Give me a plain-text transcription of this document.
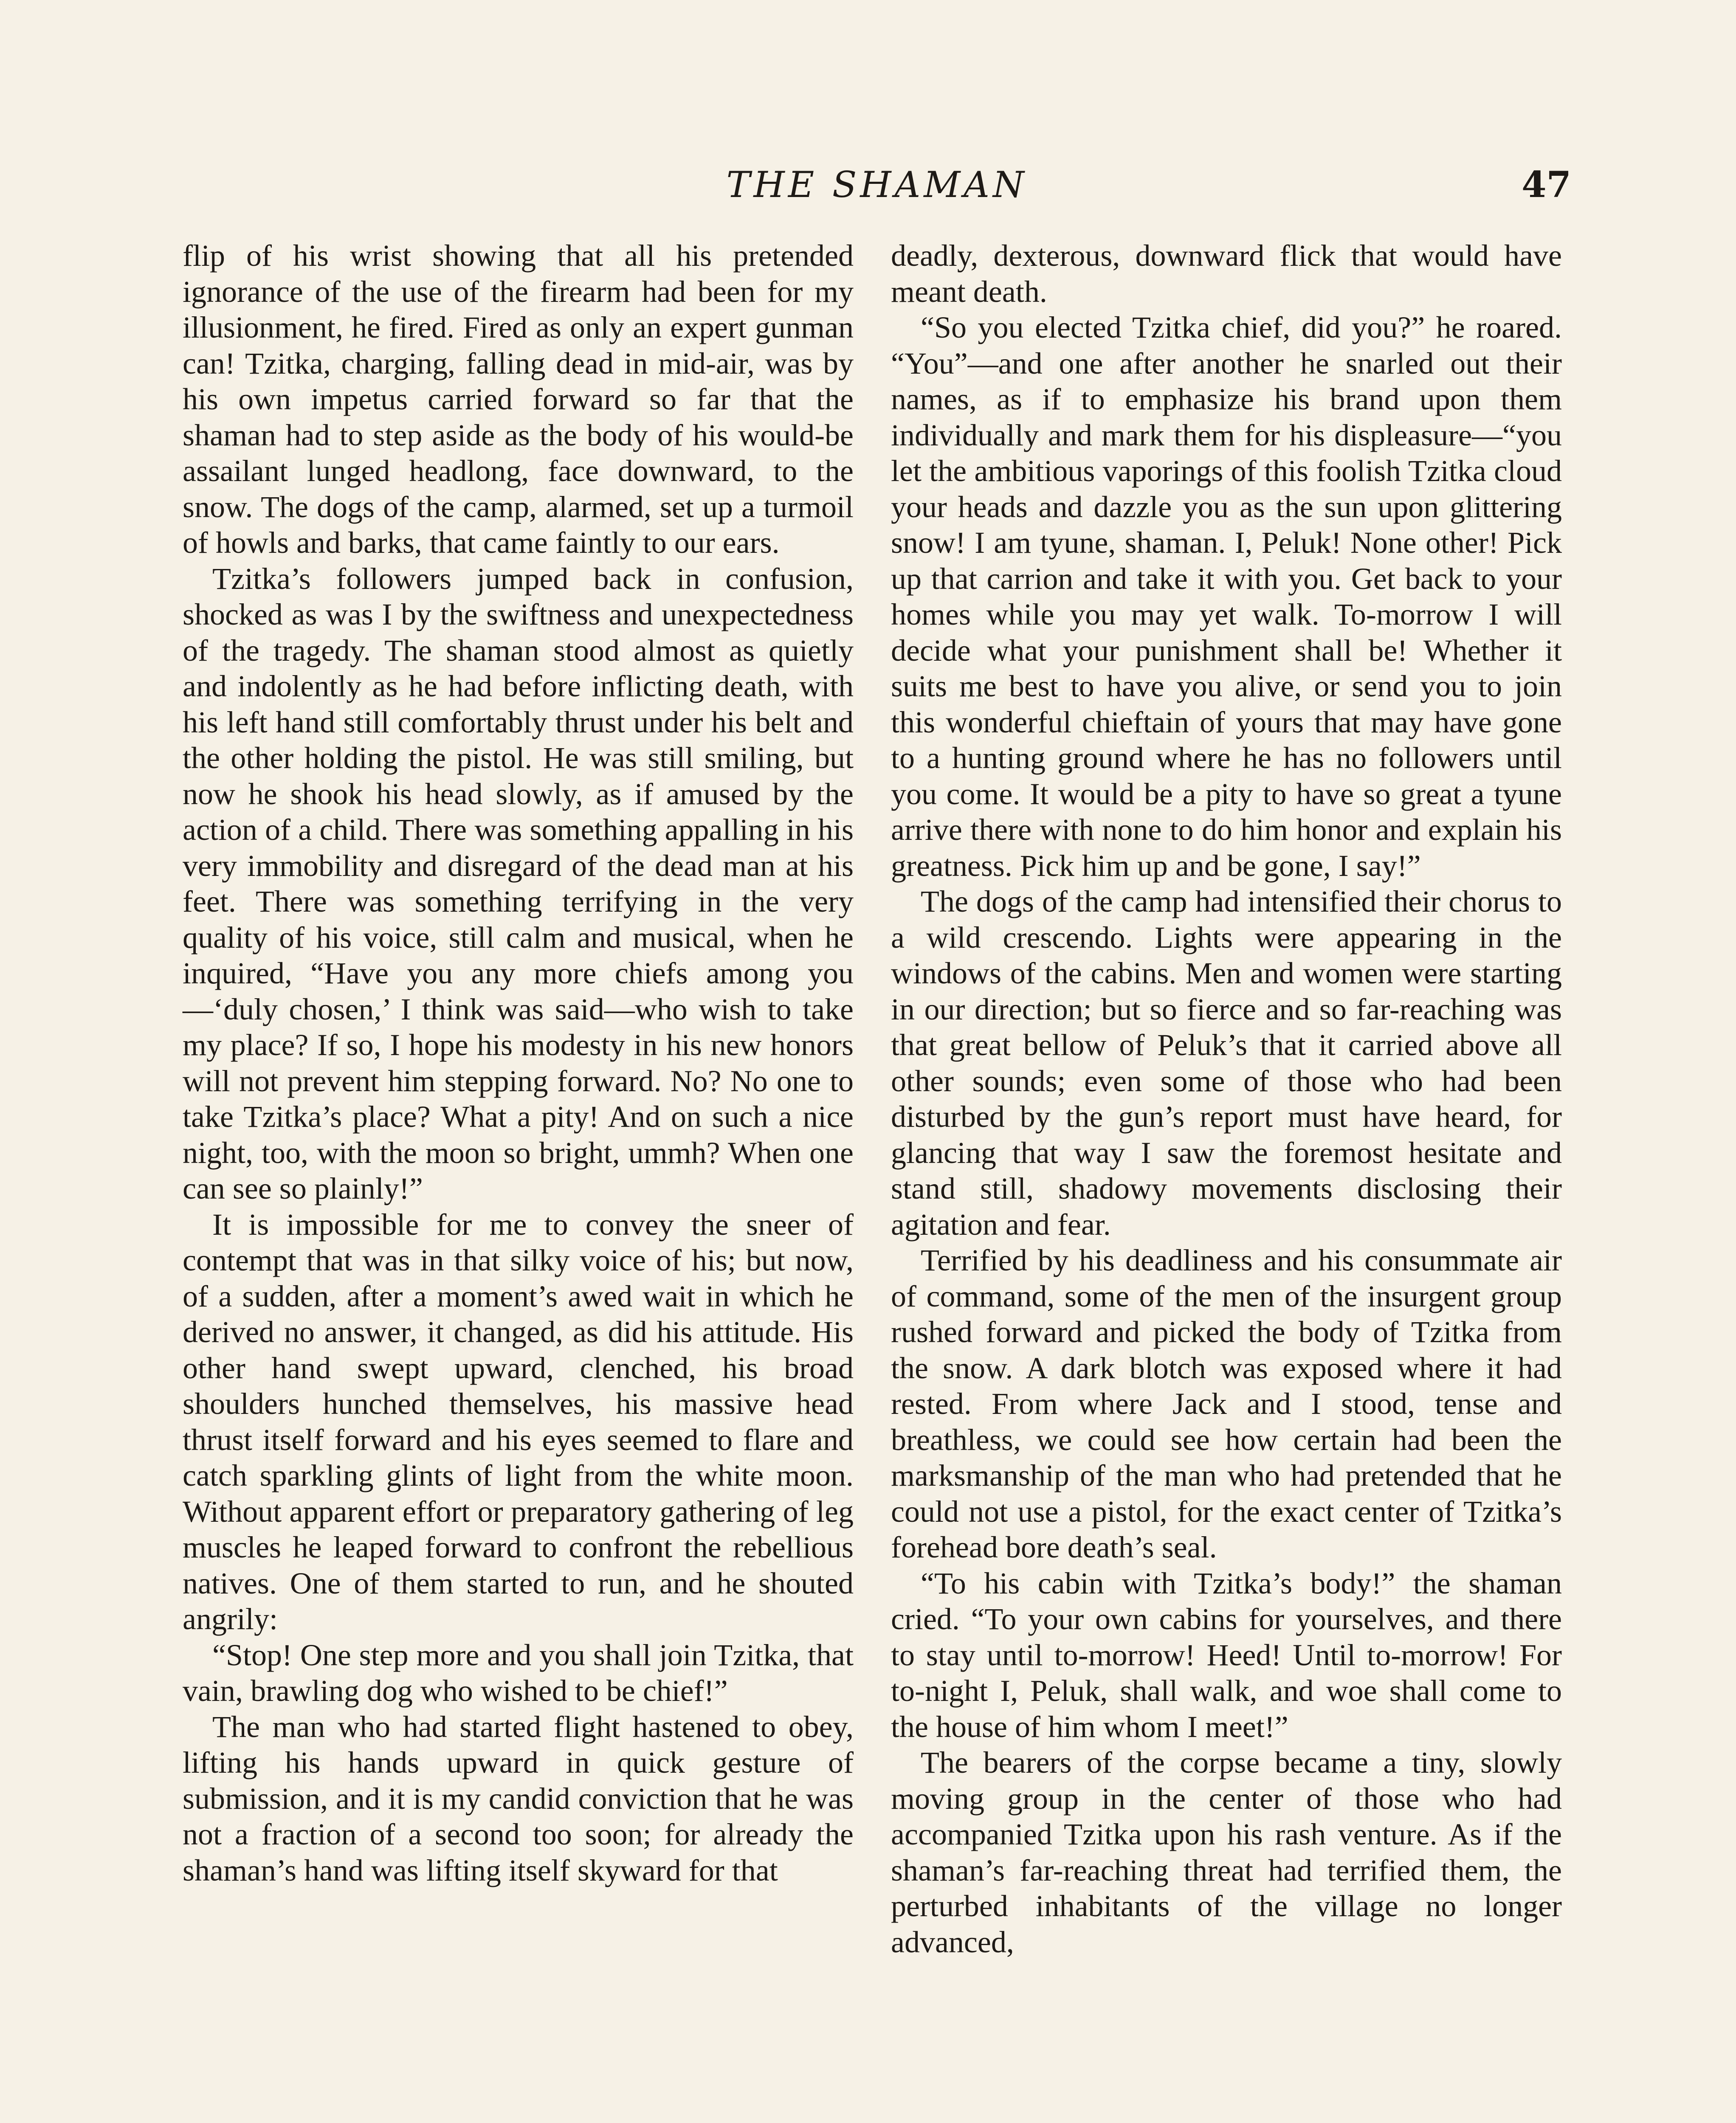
THE SHAMAN	47

flip of his wrist showing that all his pretended ignorance of the use of the firearm had been for my illusionment, he fired. Fired as only an expert gunman can! Tzitka, charging, falling dead in mid-air, was by his own impetus carried forward so far that the shaman had to step aside as the body of his would-be assailant lunged headlong, face downward, to the snow. The dogs of the camp, alarmed, set up a turmoil of howls and barks, that came faintly to our ears.

Tzitka’s followers jumped back in confusion, shocked as was I by the swiftness and unexpectedness of the tragedy. The shaman stood almost as quietly and indolently as he had before inflicting death, with his left hand still comfortably thrust under his belt and the other holding the pistol. He was still smiling, but now he shook his head slowly, as if amused by the action of a child. There was something appalling in his very immobility and disregard of the dead man at his feet. There was something terrifying in the very quality of his voice, still calm and musical, when he inquired, “Have you any more chiefs among you—‘duly chosen,’ I think was said—who wish to take my place? If so, I hope his modesty in his new honors will not prevent him stepping forward. No? No one to take Tzitka’s place? What a pity! And on such a nice night, too, with the moon so bright, ummh? When one can see so plainly!”

It is impossible for me to convey the sneer of contempt that was in that silky voice of his; but now, of a sudden, after a moment’s awed wait in which he derived no answer, it changed, as did his attitude. His other hand swept upward, clenched, his broad shoulders hunched themselves, his massive head thrust itself forward and his eyes seemed to flare and catch sparkling glints of light from the white moon. Without apparent effort or preparatory gathering of leg muscles he leaped forward to confront the rebellious natives. One of them started to run, and he shouted angrily:

“Stop! One step more and you shall join Tzitka, that vain, brawling dog who wished to be chief!”

The man who had started flight hastened to obey, lifting his hands upward in quick gesture of submission, and it is my candid conviction that he was not a fraction of a second too soon; for already the shaman’s hand was lifting itself skyward for that

deadly, dexterous, downward flick that would have meant death.

“So you elected Tzitka chief, did you?” he roared. “You”—and one after another he snarled out their names, as if to emphasize his brand upon them individually and mark them for his displeasure—“you let the ambitious vaporings of this foolish Tzitka cloud your heads and dazzle you as the sun upon glittering snow! I am tyune, shaman. I, Peluk! None other! Pick up that carrion and take it with you. Get back to your homes while you may yet walk. To-morrow I will decide what your punishment shall be! Whether it suits me best to have you alive, or send you to join this wonderful chieftain of yours that may have gone to a hunting ground where he has no followers until you come. It would be a pity to have so great a tyune arrive there with none to do him honor and explain his greatness. Pick him up and be gone, I say!”

The dogs of the camp had intensified their chorus to a wild crescendo. Lights were appearing in the windows of the cabins. Men and women were starting in our direction; but so fierce and so far-reaching was that great bellow of Peluk’s that it carried above all other sounds; even some of those who had been disturbed by the gun’s report must have heard, for glancing that way I saw the foremost hesitate and stand still, shadowy movements disclosing their agitation and fear.

Terrified by his deadliness and his consummate air of command, some of the men of the insurgent group rushed forward and picked the body of Tzitka from the snow. A dark blotch was exposed where it had rested. From where Jack and I stood, tense and breathless, we could see how certain had been the marksmanship of the man who had pretended that he could not use a pistol, for the exact center of Tzitka’s forehead bore death’s seal.

“To his cabin with Tzitka’s body!” the shaman cried. “To your own cabins for yourselves, and there to stay until to-morrow! Heed! Until to-morrow! For to-night I, Peluk, shall walk, and woe shall come to the house of him whom I meet!”

The bearers of the corpse became a tiny, slowly moving group in the center of those who had accompanied Tzitka upon his rash venture. As if the shaman’s far-reaching threat had terrified them, the perturbed inhabitants of the village no longer advanced,
